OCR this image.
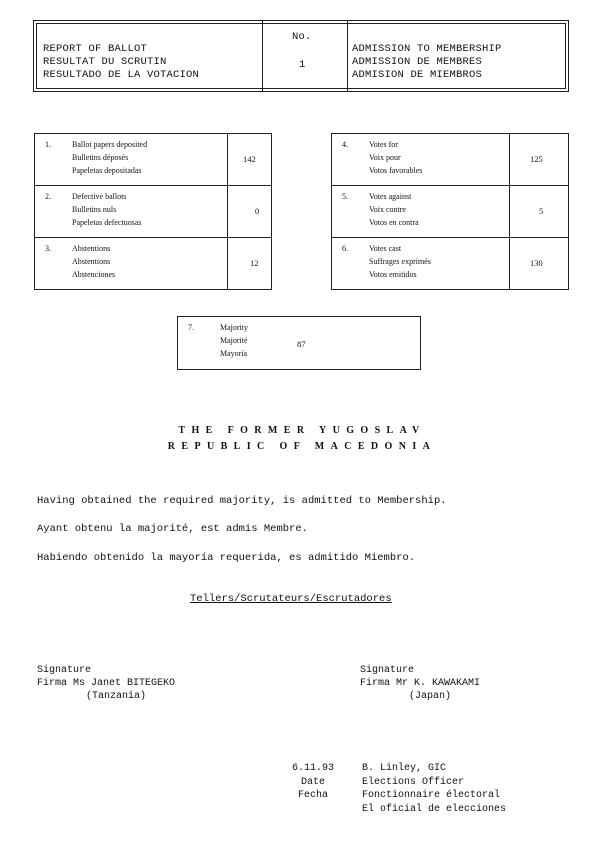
REPORT OF BALLOT
RESULTAT DU SCRUTIN
RESULTADO DE LA VOTACION
No.
1
ADMISSION TO MEMBERSHIP
ADMISSION DE MEMBRES
ADMISION DE MIEMBROS
1.	Ballot papers deposited
Bulletins déposés
Papeletas depositadas
142
2.	Defective ballots
Bulletins nuls
Papeletas defectuosas
0
3.	Abstentions
Abstentions
Abstenciones
12
4.	Votes for
Voix pour
Votos favorables
125
5.	Votes against
Voix contre
Votos en contra
5
6.	Votes cast
Suffrages exprimés
Votos emitidos
130
7.	Majority
Majorité
Mayoría
87
THE FORMER YUGOSLAV
REPUBLIC OF MACEDONIA
Having obtained the required majority, is admitted to Membership.
Ayant obtenu la majorité, est admis Membre.
Habiendo obtenido la mayoría requerida, es admitido Miembro.
Tellers/Scrutateurs/Escrutadores
Signature
Firma Ms Janet BITEGEKO
(Tanzania)
Signature
Firma Mr K. KAWAKAMI
(Japan)
6.11.93
Date
Fecha
B. Linley, GIC
Elections Officer
Fonctionnaire électoral
El oficial de elecciones
